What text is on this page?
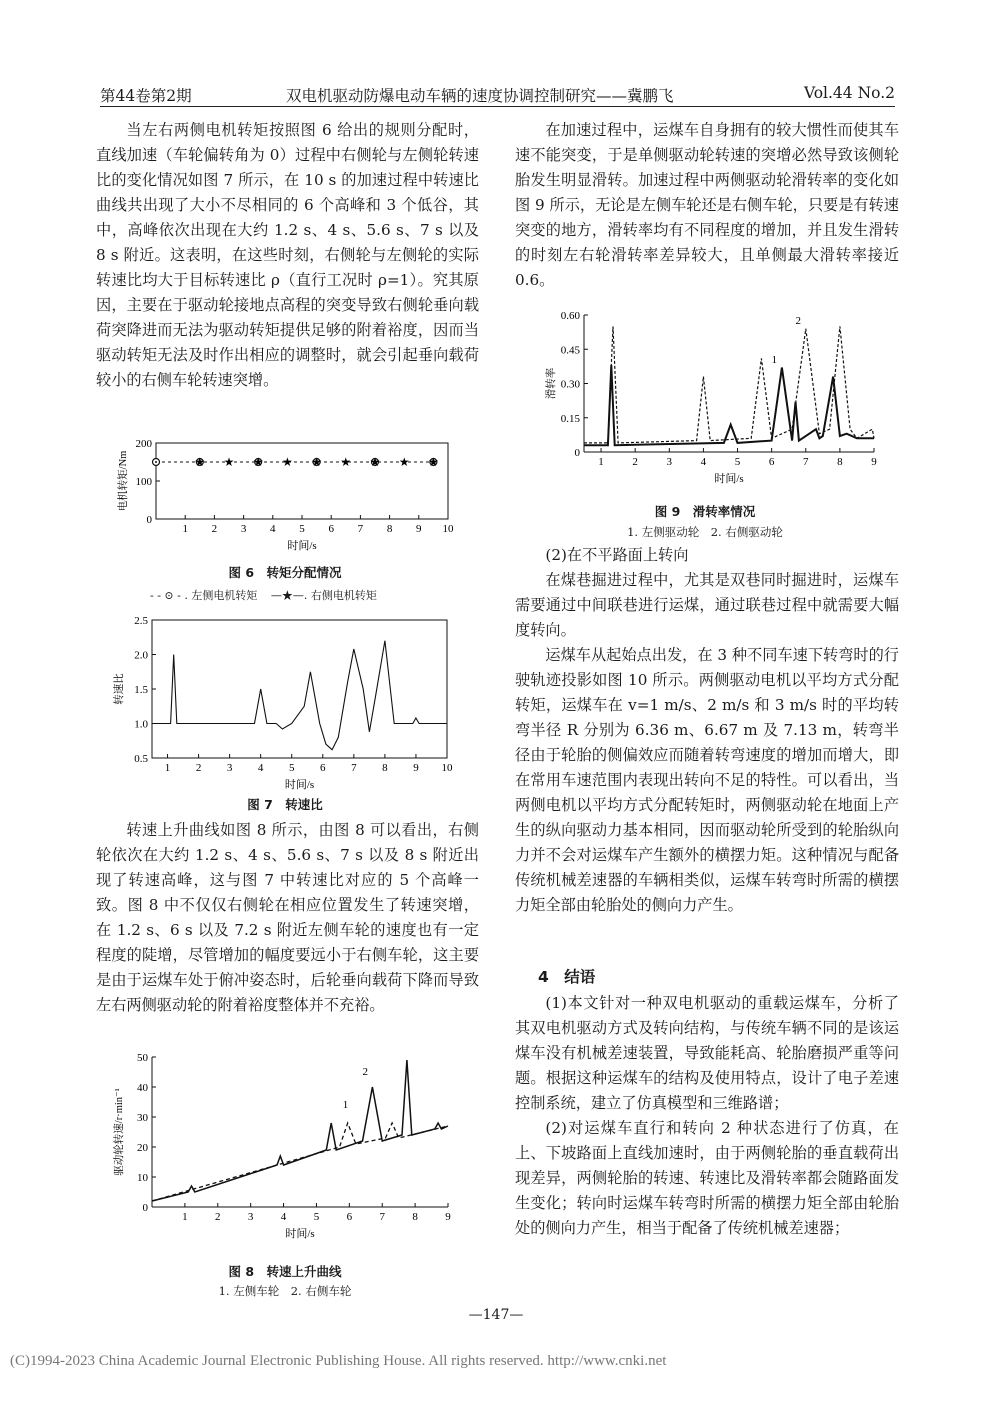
第44卷第2期	双电机驱动防爆电动车辆的速度协调控制研究——冀鹏飞	Vol.44 No.2

当左右两侧电机转矩按照图 6 给出的规则分配时，直线加速（车轮偏转角为 0）过程中右侧轮与左侧轮转速比的变化情况如图 7 所示，在 10 s 的加速过程中转速比曲线共出现了大小不尽相同的 6 个高峰和 3 个低谷，其中，高峰依次出现在大约 1.2 s、4 s、5.6 s、7 s 以及 8 s 附近。这表明，在这些时刻，右侧轮与左侧轮的实际转速比均大于目标转速比 ρ（直行工况时 ρ=1）。究其原因，主要在于驱动轮接地点高程的突变导致右侧轮垂向载荷突降进而无法为驱动转矩提供足够的附着裕度，因而当驱动转矩无法及时作出相应的调整时，就会引起垂向载荷较小的右侧车轮转速突增。

转速上升曲线如图 8 所示，由图 8 可以看出，右侧轮依次在大约 1.2 s、4 s、5.6 s、7 s 以及 8 s 附近出现了转速高峰，这与图 7 中转速比对应的 5 个高峰一致。图 8 中不仅仅右侧轮在相应位置发生了转速突增，在 1.2 s、6 s 以及 7.2 s 附近左侧车轮的速度也有一定程度的陡增，尽管增加的幅度要远小于右侧车轮，这主要是由于运煤车处于俯冲姿态时，后轮垂向载荷下降而导致左右两侧驱动轮的附着裕度整体并不充裕。

1 2 3 4 5 6 7 8 9 10
0
100
200
时间/s
电机转矩/Nm	★ ★ ★ ★ ★ ★ ★ ★ ★
图 6　转矩分配情况
- - ⊙ - . 左侧电机转矩 —★—. 右侧电机转矩
1 2 3 4 5 6 7 8 9 10
0.5
1.0
1.5
2.0
2.5
时间/s
转速比
图 7　转速比
1 2 3 4 5 6 7 8 9
0
10
20
30
40
50
时间/s
驱动轮转速/r·min⁻¹	1
2
图 8　转速上升曲线
1. 左侧车轮　2. 右侧车轮

在加速过程中，运煤车自身拥有的较大惯性而使其车速不能突变，于是单侧驱动轮转速的突增必然导致该侧轮胎发生明显滑转。加速过程中两侧驱动轮滑转率的变化如图 9 所示，无论是左侧车轮还是右侧车轮，只要是有转速突变的地方，滑转率均有不同程度的增加，并且发生滑转的时刻左右轮滑转率差异较大，且单侧最大滑转率接近 0.6。

1	2	3	4	5	6	7	8	9
0
0.15
0.30
0.45
0.60
时间/s
滑转率
1
2
图 9　滑转率情况
1. 左侧驱动轮　2. 右侧驱动轮

(2)在不平路面上转向

在煤巷掘进过程中，尤其是双巷同时掘进时，运煤车需要通过中间联巷进行运煤，通过联巷过程中就需要大幅度转向。

运煤车从起始点出发，在 3 种不同车速下转弯时的行驶轨迹投影如图 10 所示。两侧驱动电机以平均方式分配转矩，运煤车在 v=1 m/s、2 m/s 和 3 m/s 时的平均转弯半径 R 分别为 6.36 m、6.67 m 及 7.13 m，转弯半径由于轮胎的侧偏效应而随着转弯速度的增加而增大，即在常用车速范围内表现出转向不足的特性。可以看出，当两侧电机以平均方式分配转矩时，两侧驱动轮在地面上产生的纵向驱动力基本相同，因而驱动轮所受到的轮胎纵向力并不会对运煤车产生额外的横摆力矩。这种情况与配备传统机械差速器的车辆相类似，运煤车转弯时所需的横摆力矩全部由轮胎处的侧向力产生。

4　结语

(1)本文针对一种双电机驱动的重载运煤车，分析了其双电机驱动方式及转向结构，与传统车辆不同的是该运煤车没有机械差速装置，导致能耗高、轮胎磨损严重等问题。根据这种运煤车的结构及使用特点，设计了电子差速控制系统，建立了仿真模型和三维路谱；

(2)对运煤车直行和转向 2 种状态进行了仿真，在上、下坡路面上直线加速时，由于两侧轮胎的垂直载荷出现差异，两侧轮胎的转速、转速比及滑转率都会随路面发生变化；转向时运煤车转弯时所需的横摆力矩全部由轮胎处的侧向力产生，相当于配备了传统机械差速器；

—147—
(C)1994-2023 China Academic Journal Electronic Publishing House. All rights reserved. http://www.cnki.net
